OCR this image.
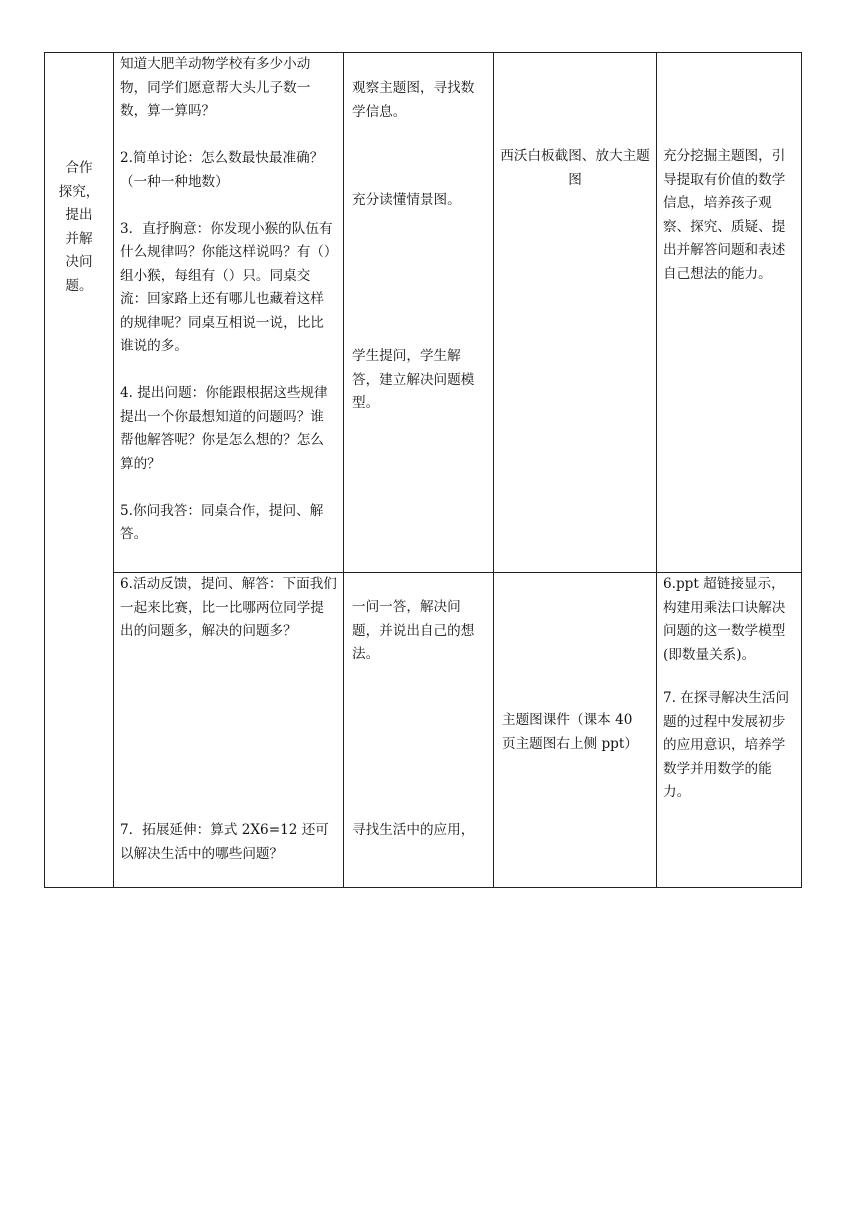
合作
探究，
提出
并解
决问
题。

知道大肥羊动物学校有多少小动物，同学们愿意帮大头儿子数一数，算一算吗？

2.简单讨论：怎么数最快最准确？
（一种一种地数）

3．直抒胸意：你发现小猴的队伍有什么规律吗？你能这样说吗？有（）组小猴，每组有（）只。同桌交流：回家路上还有哪儿也藏着这样的规律呢？同桌互相说一说，比比谁说的多。

4. 提出问题：你能跟根据这些规律提出一个你最想知道的问题吗？谁帮他解答呢？你是怎么想的？怎么算的？

5.你问我答：同桌合作，提问、解答。

观察主题图，寻找数学信息。

充分读懂情景图。

学生提问，学生解答，建立解决问题模型。

西沃白板截图、放大主题图

充分挖掘主题图，引导提取有价值的数学信息，培养孩子观察、探究、质疑、提出并解答问题和表述自己想法的能力。

6.活动反馈，提问、解答：下面我们一起来比赛，比一比哪两位同学提出的问题多，解决的问题多？

7．拓展延伸：算式 2X6=12 还可以解决生活中的哪些问题？

一问一答，解决问题，并说出自己的想法。

寻找生活中的应用，

主题图课件（课本 40 页主题图右上侧 ppt）

6.ppt 超链接显示，构建用乘法口诀解决问题的这一数学模型(即数量关系)。

7. 在探寻解决生活问题的过程中发展初步的应用意识，培养学数学并用数学的能力。
